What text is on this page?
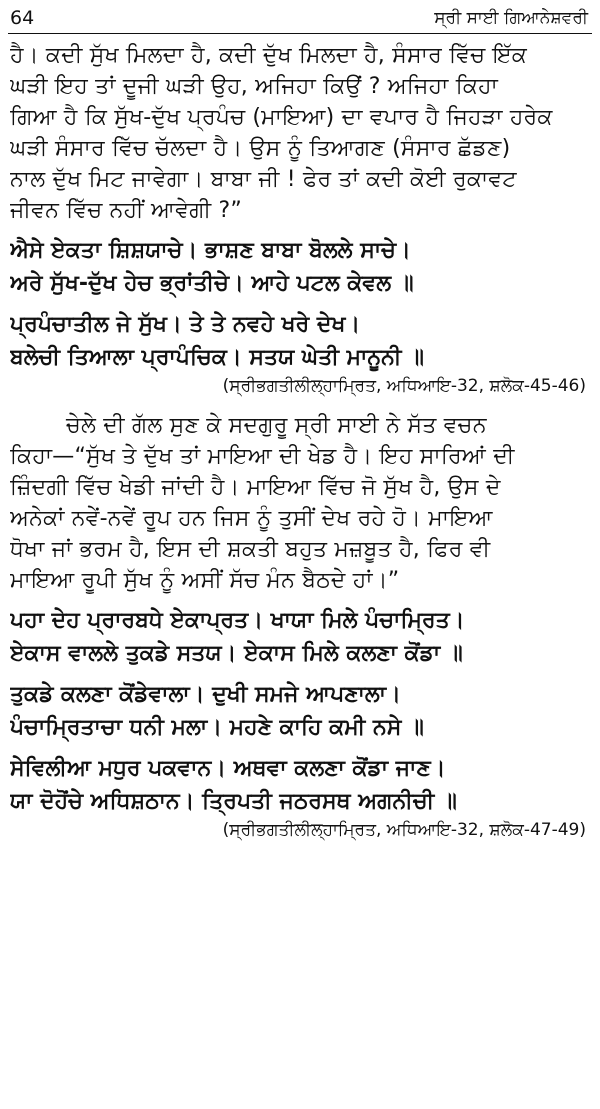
64	ਸ੍ਰੀ ਸਾਈ ਗਿਆਨੇਸ਼ਵਰੀ
ਹੈ। ਕਦੀ ਸੁੱਖ ਮਿਲਦਾ ਹੈ, ਕਦੀ ਦੁੱਖ ਮਿਲਦਾ ਹੈ, ਸੰਸਾਰ ਵਿੱਚ ਇੱਕ
ਘੜੀ ਇਹ ਤਾਂ ਦੂਜੀ ਘੜੀ ਉਹ, ਅਜਿਹਾ ਕਿਉਂ ? ਅਜਿਹਾ ਕਿਹਾ
ਗਿਆ ਹੈ ਕਿ ਸੁੱਖ-ਦੁੱਖ ਪ੍ਰਪੰਚ (ਮਾਇਆ) ਦਾ ਵਪਾਰ ਹੈ ਜਿਹੜਾ ਹਰੇਕ
ਘੜੀ ਸੰਸਾਰ ਵਿੱਚ ਚੱਲਦਾ ਹੈ। ਉਸ ਨੂੰ ਤਿਆਗਣ (ਸੰਸਾਰ ਛੱਡਣ)
ਨਾਲ ਦੁੱਖ ਮਿਟ ਜਾਵੇਗਾ। ਬਾਬਾ ਜੀ ! ਫੇਰ ਤਾਂ ਕਦੀ ਕੋਈ ਰੁਕਾਵਟ
ਜੀਵਨ ਵਿੱਚ ਨਹੀਂ ਆਵੇਗੀ ?”
ਐਸੇ ਏਕਤਾ ਸ਼ਿਸ਼ਯਾਚੇ। ਭਾਸ਼ਣ ਬਾਬਾ ਬੋਲਲੇ ਸਾਚੇ।
ਅਰੇ ਸੁੱਖ-ਦੁੱਖ ਹੇਚ ਭ੍ਰਾਂਤੀਚੇ। ਆਹੇ ਪਟਲ ਕੇਵਲ ॥
ਪ੍ਰਪੰਚਾਤੀਲ ਜੇ ਸੁੱਖ। ਤੇ ਤੇ ਨਵਹੇ ਖਰੇ ਦੇਖ।
ਬਲੇਚੀ ਤਿਆਲਾ ਪ੍ਰਾਪੰਚਿਕ। ਸਤਯ ਘੇਤੀ ਮਾਨੂਨੀ ॥
(ਸ੍ਰੀਭਗਤੀਲੀਲ੍ਹਾਮ੍ਰਿਤ, ਅਧਿਆਇ-32, ਸ਼ਲੋਕ-45-46)
ਚੇਲੇ ਦੀ ਗੱਲ ਸੁਣ ਕੇ ਸਦਗੁਰੂ ਸ੍ਰੀ ਸਾਈ ਨੇ ਸੱਤ ਵਚਨ
ਕਿਹਾ—“ਸੁੱਖ ਤੇ ਦੁੱਖ ਤਾਂ ਮਾਇਆ ਦੀ ਖੇਡ ਹੈ। ਇਹ ਸਾਰਿਆਂ ਦੀ
ਜ਼ਿੰਦਗੀ ਵਿੱਚ ਖੇਡੀ ਜਾਂਦੀ ਹੈ। ਮਾਇਆ ਵਿੱਚ ਜੋ ਸੁੱਖ ਹੈ, ਉਸ ਦੇ
ਅਨੇਕਾਂ ਨਵੇਂ-ਨਵੇਂ ਰੂਪ ਹਨ ਜਿਸ ਨੂੰ ਤੁਸੀਂ ਦੇਖ ਰਹੇ ਹੋ। ਮਾਇਆ
ਧੋਖਾ ਜਾਂ ਭਰਮ ਹੈ, ਇਸ ਦੀ ਸ਼ਕਤੀ ਬਹੁਤ ਮਜ਼ਬੂਤ ਹੈ, ਫਿਰ ਵੀ
ਮਾਇਆ ਰੂਪੀ ਸੁੱਖ ਨੂੰ ਅਸੀਂ ਸੱਚ ਮੰਨ ਬੈਠਦੇ ਹਾਂ।”
ਪਹਾ ਦੇਹ ਪ੍ਰਾਰਬਧੇ ਏਕਾਪ੍ਰਤ। ਖਾਯਾ ਮਿਲੇ ਪੰਚਾਮ੍ਰਿਤ।
ਏਕਾਸ ਵਾਲਲੇ ਤੁਕਡੇ ਸਤਯ। ਏਕਾਸ ਮਿਲੇ ਕਲਣਾ ਕੋਂਡਾ ॥
ਤੁਕਡੇ ਕਲਣਾ ਕੋਂਡੇਵਾਲਾ। ਦੁਖੀ ਸਮਜੇ ਆਪਣਾਲਾ।
ਪੰਚਾਮ੍ਰਿਤਾਚਾ ਧਨੀ ਮਲਾ। ਮਹਣੇ ਕਾਹਿ ਕਮੀ ਨਸੇ ॥
ਸੇਵਿਲੀਆ ਮਧੁਰ ਪਕਵਾਨ। ਅਥਵਾ ਕਲਣਾ ਕੋਂਡਾ ਜਾਣ।
ਯਾ ਦੋਹੋਂਚੇ ਅਧਿਸ਼ਠਾਨ। ਤ੍ਰਿਪਤੀ ਜਠਰਸਥ ਅਗਨੀਚੀ ॥
(ਸ੍ਰੀਭਗਤੀਲੀਲ੍ਹਾਮ੍ਰਿਤ, ਅਧਿਆਇ-32, ਸ਼ਲੋਕ-47-49)
